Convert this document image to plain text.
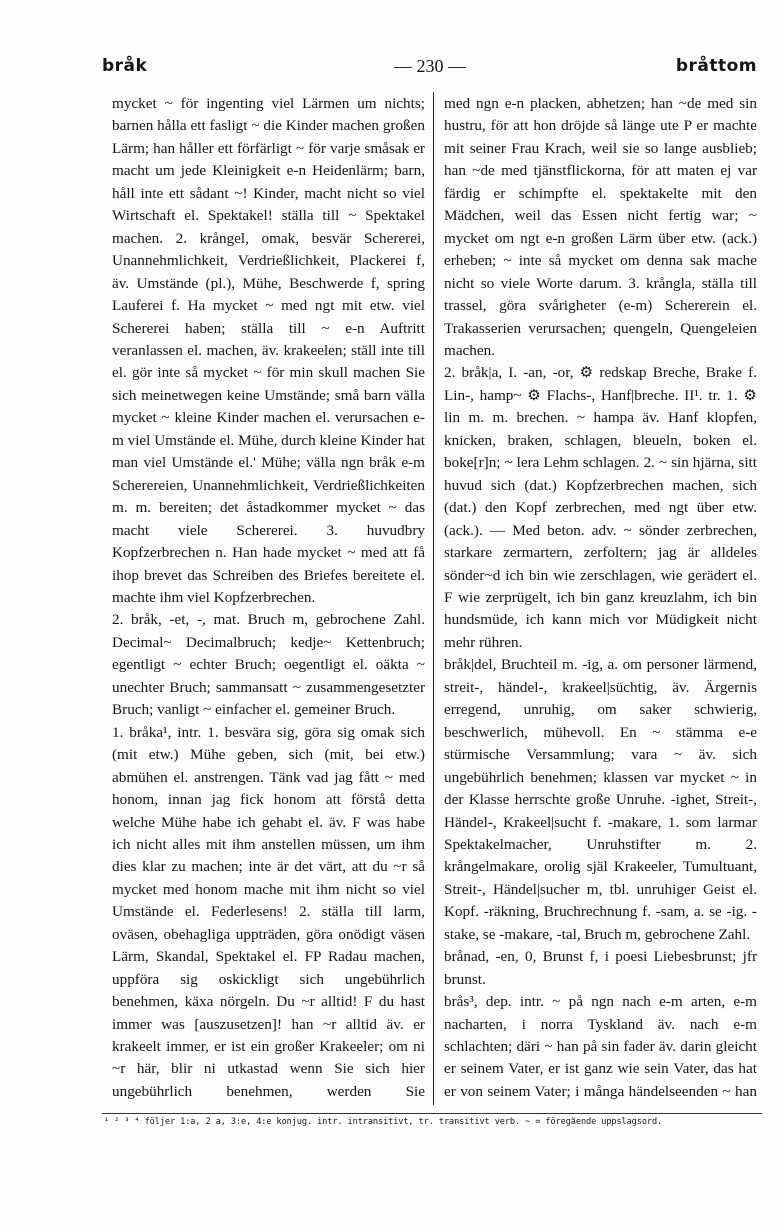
bråk	— 230 —	bråttom

mycket ~ för ingenting viel Lärmen um nichts; barnen hålla ett fasligt ~ die Kinder machen großen Lärm; han håller ett förfärligt ~ för varje småsak er macht um jede Kleinigkeit e-n Heidenlärm; barn, håll inte ett sådant ~! Kinder, macht nicht so viel Wirtschaft el. Spektakel! ställa till ~ Spektakel machen. 2. krångel, omak, besvär Schererei, Unannehmlichkeit, Verdrießlichkeit, Plackerei f, äv. Umstände (pl.), Mühe, Beschwerde f, spring Lauferei f. Ha mycket ~ med ngt mit etw. viel Schererei haben; ställa till ~ e-n Auftritt veranlassen el. machen, äv. krakeelen; ställ inte till el. gör inte så mycket ~ för min skull machen Sie sich meinetwegen keine Umstände; små barn välla mycket ~ kleine Kinder machen el. verursachen e-m viel Umstände el. Mühe, durch kleine Kinder hat man viel Umstände el.' Mühe; välla ngn bråk e-m Scherereien, Unannehmlichkeit, Verdrießlichkeiten m. m. bereiten; det åstadkommer mycket ~ das macht viele Schererei. 3. huvudbry Kopfzerbrechen n. Han hade mycket ~ med att få ihop brevet das Schreiben des Briefes bereitete el. machte ihm viel Kopfzerbrechen.
2. bråk, -et, -, mat. Bruch m, gebrochene Zahl. Decimal~ Decimalbruch; kedje~ Kettenbruch; egentligt ~ echter Bruch; oegentligt el. oäkta ~ unechter Bruch; sammansatt ~ zusammengesetzter Bruch; vanligt ~ einfacher el. gemeiner Bruch.
1. bråka¹, intr. 1. besvära sig, göra sig omak sich (mit etw.) Mühe geben, sich (mit, bei etw.) abmühen el. anstrengen. Tänk vad jag fått ~ med honom, innan jag fick honom att förstå detta welche Mühe habe ich gehabt el. äv. F was habe ich nicht alles mit ihm anstellen müssen, um ihm dies klar zu machen; inte är det värt, att du ~r så mycket med honom mache mit ihm nicht so viel Umstände el. Federlesens! 2. ställa till larm, oväsen, obehagliga uppträden, göra onödigt väsen Lärm, Skandal, Spektakel el. FP Radau machen, uppföra sig oskickligt sich ungebührlich benehmen, käxa nörgeln. Du ~r alltid! F du hast immer was [auszusetzen]! han ~r alltid äv. er krakeelt immer, er ist ein großer Krakeeler; om ni ~r här, blir ni utkastad wenn Sie sich hier ungebührlich benehmen, werden Sie

med ngn e-n placken, abhetzen; han ~de med sin hustru, för att hon dröjde så länge ute P er machte mit seiner Frau Krach, weil sie so lange ausblieb; han ~de med tjänstflickorna, för att maten ej var färdig er schimpfte el. spektakelte mit den Mädchen, weil das Essen nicht fertig war; ~ mycket om ngt e-n großen Lärm über etw. (ack.) erheben; ~ inte så mycket om denna sak mache nicht so viele Worte darum. 3. krångla, ställa till trassel, göra svårigheter (e-m) Schererein el. Trakasserien verursachen; quengeln, Quengeleien machen.
2. bråk|a, I. -an, -or, ⚙ redskap Breche, Brake f. Lin-, hamp~ ⚙ Flachs-, Hanf|breche. II¹. tr. 1. ⚙ lin m. m. brechen. ~ hampa äv. Hanf klopfen, knicken, braken, schlagen, bleueln, boken el. boke[r]n; ~ lera Lehm schlagen. 2. ~ sin hjärna, sitt huvud sich (dat.) Kopfzerbrechen machen, sich (dat.) den Kopf zerbrechen, med ngt über etw. (ack.). — Med beton. adv. ~ sönder zerbrechen, starkare zermartern, zerfoltern; jag är alldeles sönder~d ich bin wie zerschlagen, wie gerädert el. F wie zerprügelt, ich bin ganz kreuzlahm, ich bin hundsmüde, ich kann mich vor Müdigkeit nicht mehr rühren.
bråk|del, Bruchteil m. -ig, a. om personer lärmend, streit-, händel-, krakeel|süchtig, äv. Ärgernis erregend, unruhig, om saker schwierig, beschwerlich, mühevoll. En ~ stämma e-e stürmische Versammlung; vara ~ äv. sich ungebührlich benehmen; klassen var mycket ~ in der Klasse herrschte große Unruhe. -ighet, Streit-, Händel-, Krakeel|sucht f. -makare, 1. som larmar Spektakelmacher, Unruhstifter m. 2. krångelmakare, orolig själ Krakeeler, Tumultuant, Streit-, Händel|sucher m, tbl. unruhiger Geist el. Kopf. -räkning, Bruchrechnung f. -sam, a. se -ig. -stake, se -makare, -tal, Bruch m, gebrochene Zahl.
brånad, -en, 0, Brunst f, i poesi Liebesbrunst; jfr brunst.
brås³, dep. intr. ~ på ngn nach e-m arten, e-m nacharten, i norra Tyskland äv. nach e-m schlachten; däri ~ han på sin fader äv. darin gleicht er seinem Vater, er ist ganz wie sein Vater, das hat er von seinem Vater; i många händelseenden ~ han

¹ ² ³ ⁴ följer 1:a, 2 a, 3:e, 4:e konjug. intr. intransitivt, tr. transitivt verb. ~ = föregående uppslagsord.
